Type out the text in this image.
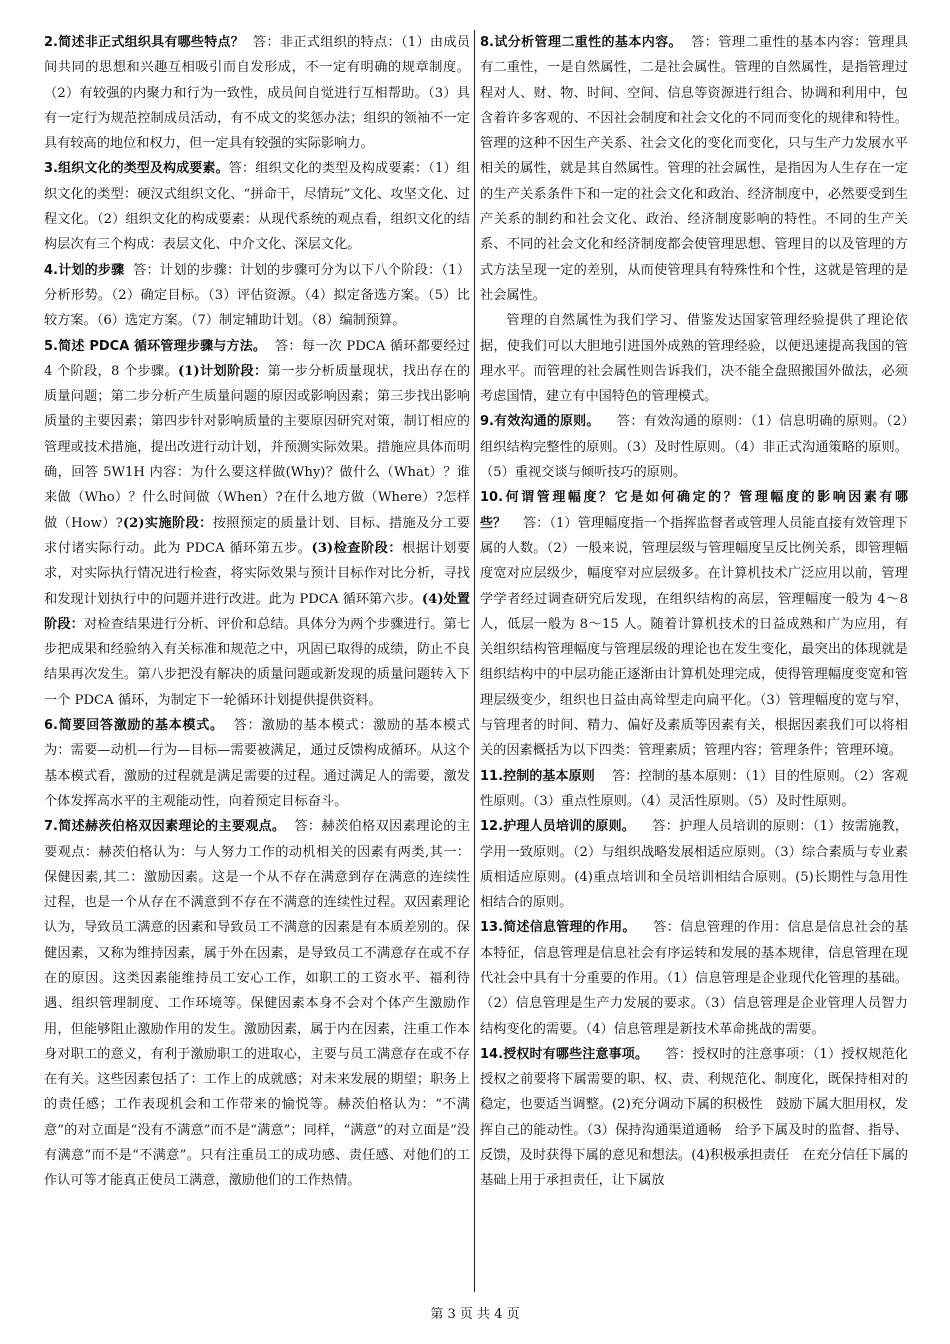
2.简述非正式组织具有哪些特点？ 答：非正式组织的特点：（1）由成员间共同的思想和兴趣互相吸引而自发形成，不一定有明确的规章制度。（2）有较强的内聚力和行为一致性，成员间自觉进行互相帮助。（3）具有一定行为规范控制成员活动，有不成文的奖惩办法；组织的领袖不一定具有较高的地位和权力，但一定具有较强的实际影响力。

3.组织文化的类型及构成要素。答：组织文化的类型及构成要素：（1）组织文化的类型：硬汉式组织文化、“拼命干，尽情玩”文化、攻坚文化、过程文化。（2）组织文化的构成要素：从现代系统的观点看，组织文化的结构层次有三个构成：表层文化、中介文化、深层文化。

4.计划的步骤 答：计划的步骤：计划的步骤可分为以下八个阶段：（1）分析形势。（2）确定目标。（3）评估资源。（4）拟定备选方案。（5）比较方案。（6）选定方案。（7）制定辅助计划。（8）编制预算。

5.简述 PDCA 循环管理步骤与方法。 答：每一次 PDCA 循环都要经过 4 个阶段，8 个步骤。(1)计划阶段：第一步分析质量现状，找出存在的质量问题；第二步分析产生质量问题的原因或影响因素；第三步找出影响质量的主要因素；第四步针对影响质量的主要原因研究对策，制订相应的管理或技术措施，提出改进行动计划，并预测实际效果。措施应具体而明确，回答 5W1H 内容：为什么要这样做(Why)？做什么（What）？谁来做（Who）？什么时间做（When）?在什么地方做（Where）?怎样做（How）?(2)实施阶段：按照预定的质量计划、目标、措施及分工要求付诸实际行动。此为 PDCA 循环第五步。(3)检查阶段：根据计划要求，对实际执行情况进行检查，将实际效果与预计目标作对比分析，寻找和发现计划执行中的问题并进行改进。此为 PDCA 循环第六步。(4)处置阶段：对检查结果进行分析、评价和总结。具体分为两个步骤进行。第七步把成果和经验纳入有关标准和规范之中，巩固已取得的成绩，防止不良结果再次发生。第八步把没有解决的质量问题或新发现的质量问题转入下一个 PDCA 循环，为制定下一轮循环计划提供提供资料。

6.简要回答激励的基本模式。 答：激励的基本模式：激励的基本模式为：需要—动机—行为—目标—需要被满足，通过反馈构成循环。从这个基本模式看，激励的过程就是满足需要的过程。通过满足人的需要，激发个体发挥高水平的主观能动性，向着预定目标奋斗。

7.简述赫茨伯格双因素理论的主要观点。 答：赫茨伯格双因素理论的主要观点：赫茨伯格认为：与人努力工作的动机相关的因素有两类,其一：保健因素,其二：激励因素。这是一个从不存在满意到存在满意的连续性过程，也是一个从存在不满意到不存在不满意的连续性过程。双因素理论认为，导致员工满意的因素和导致员工不满意的因素是有本质差别的。保健因素，又称为维持因素，属于外在因素，是导致员工不满意存在或不存在的原因。这类因素能维持员工安心工作，如职工的工资水平、福利待遇、组织管理制度、工作环境等。保健因素本身不会对个体产生激励作用，但能够阻止激励作用的发生。激励因素，属于内在因素，注重工作本身对职工的意义，有利于激励职工的进取心，主要与员工满意存在或不存在有关。这些因素包括了：工作上的成就感；对未来发展的期望；职务上的责任感；工作表现机会和工作带来的愉悦等。赫茨伯格认为：“不满意”的对立面是“没有不满意”而不是“满意”；同样，“满意”的对立面是“没有满意”而不是“不满意”。只有注重员工的成功感、责任感、对他们的工作认可等才能真正使员工满意，激励他们的工作热情。

8.试分析管理二重性的基本内容。 答：管理二重性的基本内容：管理具有二重性，一是自然属性，二是社会属性。管理的自然属性，是指管理过程对人、财、物、时间、空间、信息等资源进行组合、协调和利用中，包含着许多客观的、不因社会制度和社会文化的不同而变化的规律和特性。管理的这种不因生产关系、社会文化的变化而变化，只与生产力发展水平相关的属性，就是其自然属性。管理的社会属性，是指因为人生存在一定的生产关系条件下和一定的社会文化和政治、经济制度中，必然要受到生产关系的制约和社会文化、政治、经济制度影响的特性。不同的生产关系、不同的社会文化和经济制度都会使管理思想、管理目的以及管理的方式方法呈现一定的差别，从而使管理具有特殊性和个性，这就是管理的是社会属性。

管理的自然属性为我们学习、借鉴发达国家管理经验提供了理论依据，使我们可以大胆地引进国外成熟的管理经验，以便迅速提高我国的管理水平。而管理的社会属性则告诉我们，决不能全盘照搬国外做法，必须考虑国情，建立有中国特色的管理模式。

9.有效沟通的原则。 答：有效沟通的原则：（1）信息明确的原则。（2）组织结构完整性的原则。（3）及时性原则。（4）非正式沟通策略的原则。（5）重视交谈与倾听技巧的原则。

10.何谓管理幅度？它是如何确定的？管理幅度的影响因素有哪些？ 答：（1）管理幅度指一个指挥监督者或管理人员能直接有效管理下属的人数。（2）一般来说，管理层级与管理幅度呈反比例关系，即管理幅度宽对应层级少，幅度窄对应层级多。在计算机技术广泛应用以前，管理学学者经过调查研究后发现，在组织结构的高层，管理幅度一般为 4～8 人，低层一般为 8～15 人。随着计算机技术的日益成熟和广为应用，有关组织结构管理幅度与管理层级的理论也在发生变化，最突出的体现就是组织结构中的中层功能正逐渐由计算机处理完成，使得管理幅度变宽和管理层级变少，组织也日益由高耸型走向扁平化。（3）管理幅度的宽与窄，与管理者的时间、精力、偏好及素质等因素有关，根据因素我们可以将相关的因素概括为以下四类：管理素质；管理内容；管理条件；管理环境。

11.控制的基本原则 答：控制的基本原则：（1）目的性原则。（2）客观性原则。（3）重点性原则。（4）灵活性原则。（5）及时性原则。

12.护理人员培训的原则。 答：护理人员培训的原则：（1）按需施教，学用一致原则。（2）与组织战略发展相适应原则。（3）综合素质与专业素质相适应原则。(4)重点培训和全员培训相结合原则。(5)长期性与急用性相结合的原则。

13.简述信息管理的作用。 答：信息管理的作用：信息是信息社会的基本特征，信息管理是信息社会有序运转和发展的基本规律，信息管理在现代社会中具有十分重要的作用。（1）信息管理是企业现代化管理的基础。（2）信息管理是生产力发展的要求。（3）信息管理是企业管理人员智力结构变化的需要。（4）信息管理是新技术革命挑战的需要。

14.授权时有哪些注意事项。 答：授权时的注意事项：（1）授权规范化　授权之前要将下属需要的职、权、责、利规范化、制度化，既保持相对的稳定，也要适当调整。(2)充分调动下属的积极性　鼓励下属大胆用权，发挥自己的能动性。（3）保持沟通渠道通畅　给予下属及时的监督、指导、反馈，及时获得下属的意见和想法。(4)积极承担责任　在充分信任下属的基础上用于承担责任，让下属放

第 3 页 共 4 页
